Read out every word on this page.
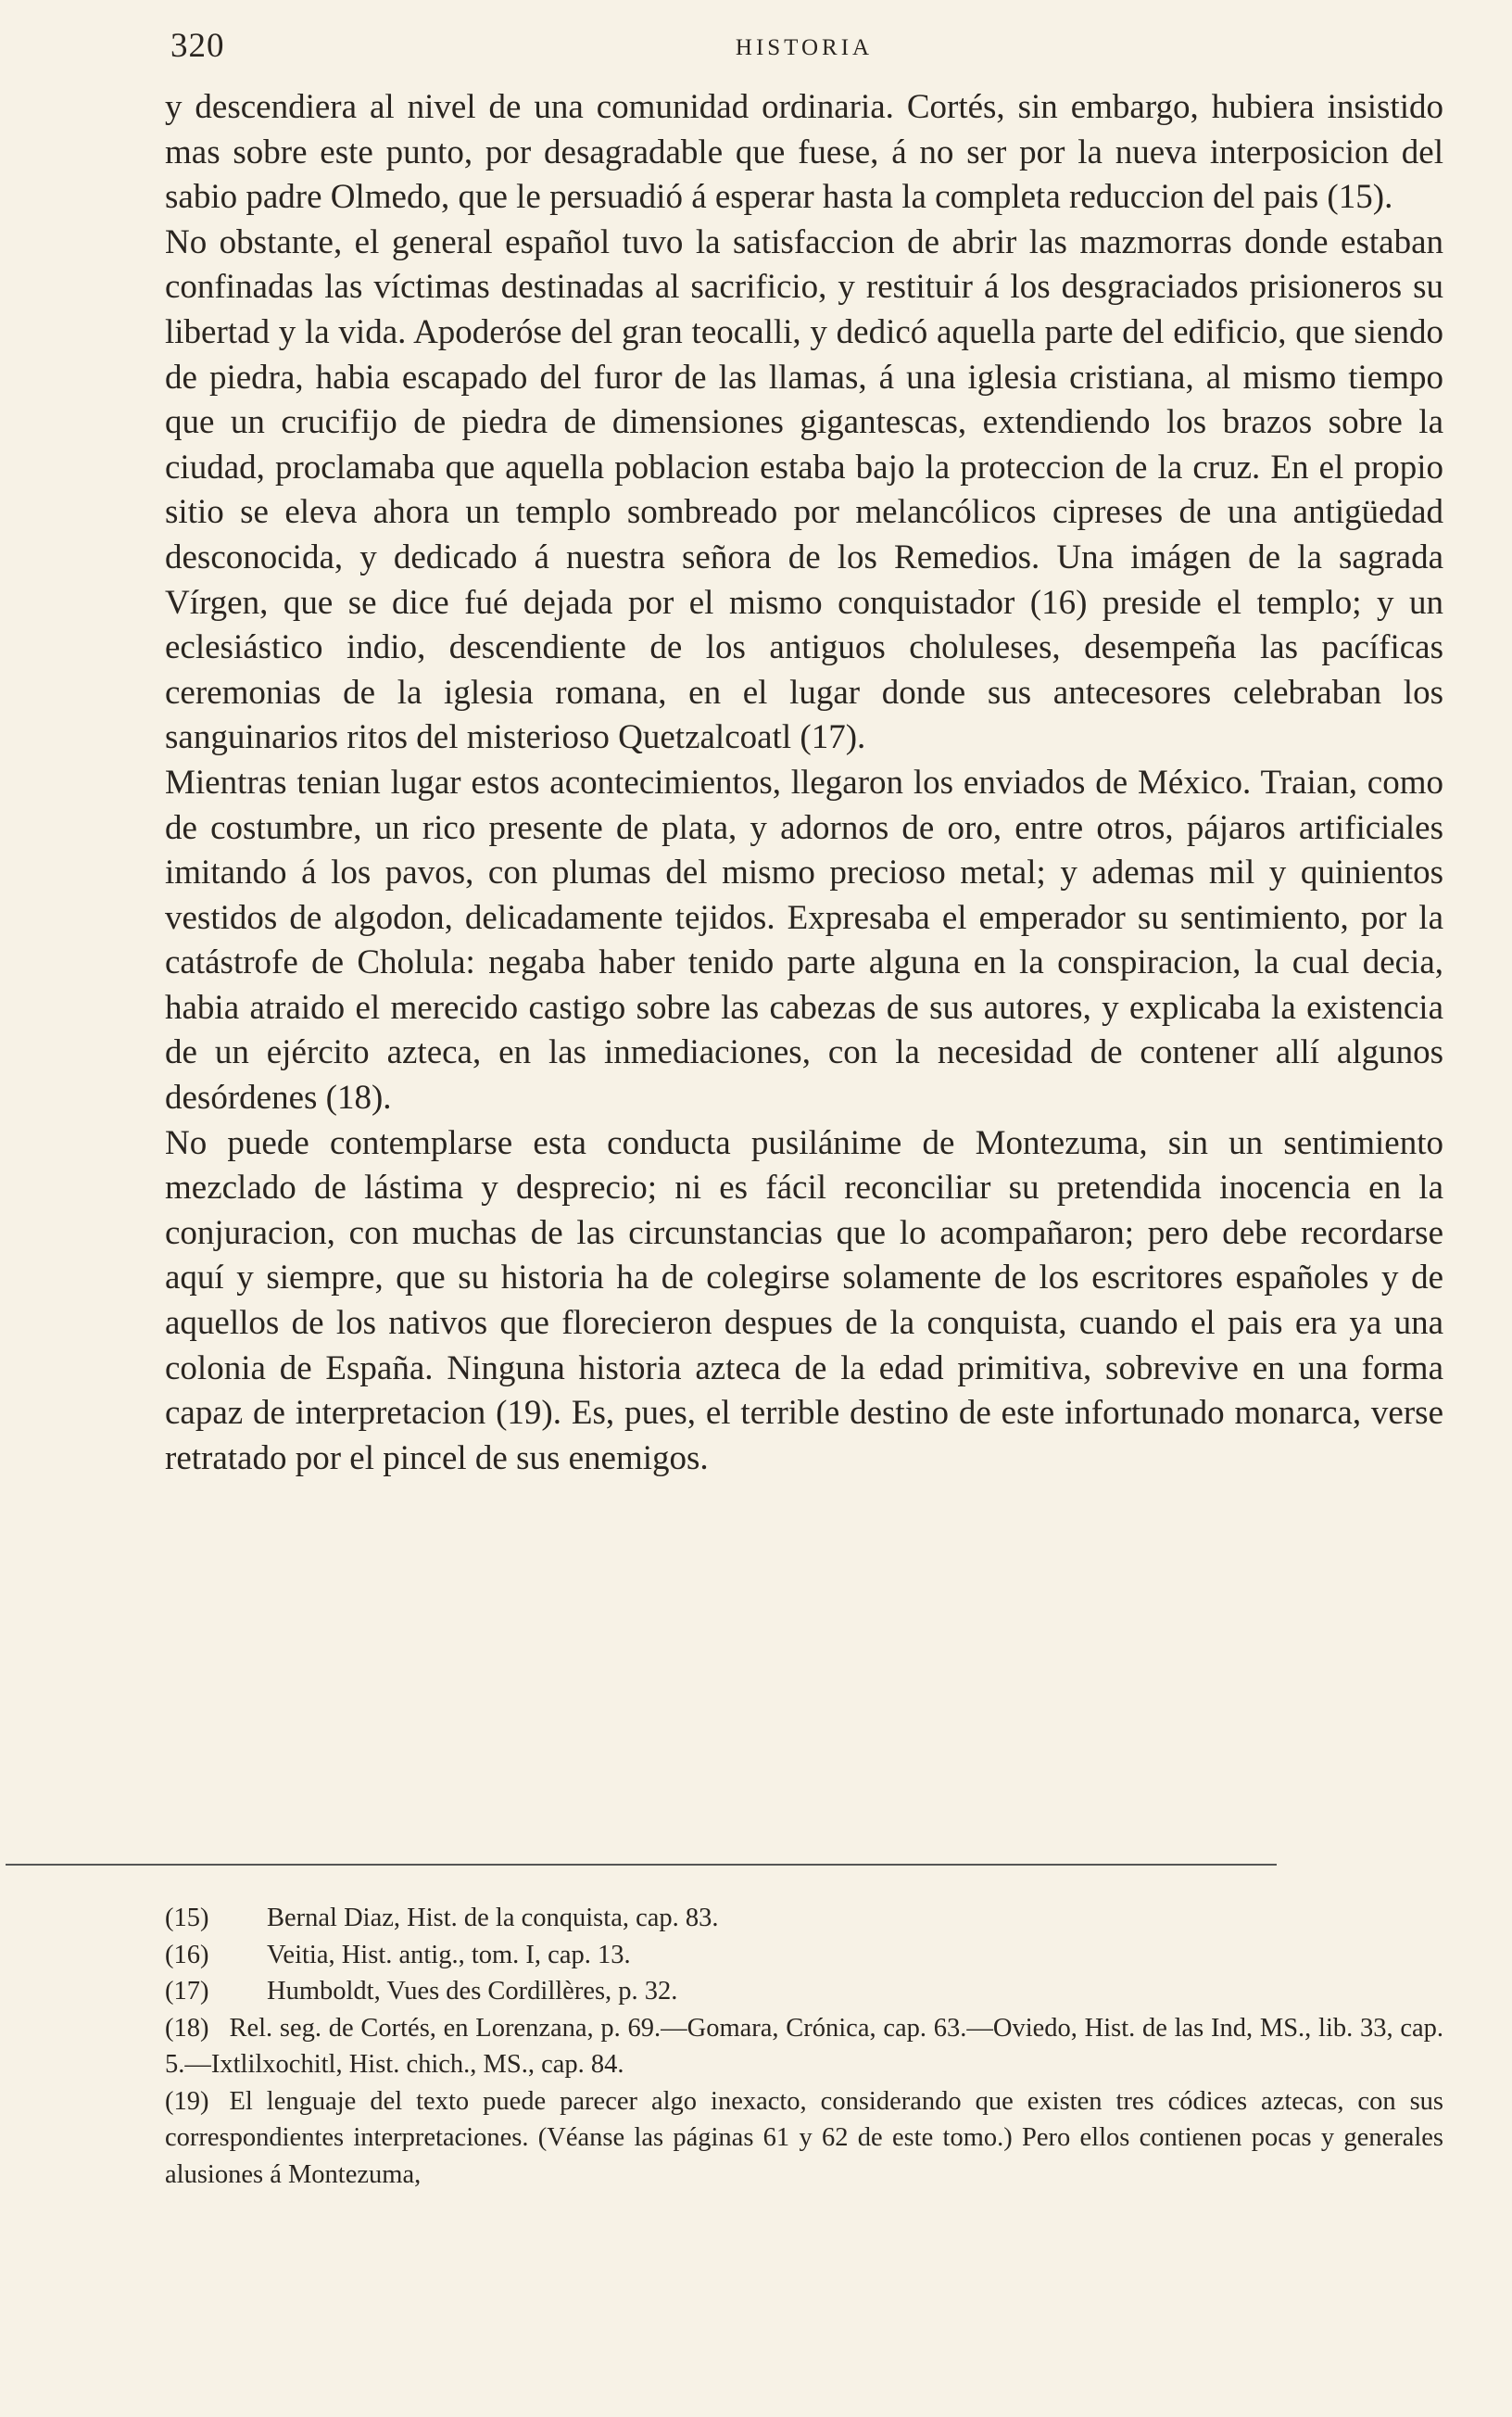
320	HISTORIA

y descendiera al nivel de una comunidad ordinaria. Cortés, sin embargo, hubiera insistido mas sobre este punto, por desagradable que fuese, á no ser por la nueva interposicion del sabio padre Olmedo, que le persuadió á esperar hasta la completa reduccion del pais (15).

No obstante, el general español tuvo la satisfaccion de abrir las mazmorras donde estaban confinadas las víctimas destinadas al sacrificio, y restituir á los desgraciados prisioneros su libertad y la vida. Apoderóse del gran teocalli, y dedicó aquella parte del edificio, que siendo de piedra, habia escapado del furor de las llamas, á una iglesia cristiana, al mismo tiempo que un crucifijo de piedra de dimensiones gigantescas, extendiendo los brazos sobre la ciudad, proclamaba que aquella poblacion estaba bajo la proteccion de la cruz. En el propio sitio se eleva ahora un templo sombreado por melancólicos cipreses de una antigüedad desconocida, y dedicado á nuestra señora de los Remedios. Una imágen de la sagrada Vírgen, que se dice fué dejada por el mismo conquistador (16) preside el templo; y un eclesiástico indio, descendiente de los antiguos choluleses, desempeña las pacíficas ceremonias de la iglesia romana, en el lugar donde sus antecesores celebraban los sanguinarios ritos del misterioso Quetzalcoatl (17).

Mientras tenian lugar estos acontecimientos, llegaron los enviados de México. Traian, como de costumbre, un rico presente de plata, y adornos de oro, entre otros, pájaros artificiales imitando á los pavos, con plumas del mismo precioso metal; y ademas mil y quinientos vestidos de algodon, delicadamente tejidos. Expresaba el emperador su sentimiento, por la catástrofe de Cholula: negaba haber tenido parte alguna en la conspiracion, la cual decia, habia atraido el merecido castigo sobre las cabezas de sus autores, y explicaba la existencia de un ejército azteca, en las inmediaciones, con la necesidad de contener allí algunos desórdenes (18).

No puede contemplarse esta conducta pusilánime de Montezuma, sin un sentimiento mezclado de lástima y desprecio; ni es fácil reconciliar su pretendida inocencia en la conjuracion, con muchas de las circunstancias que lo acompañaron; pero debe recordarse aquí y siempre, que su historia ha de colegirse solamente de los escritores españoles y de aquellos de los nativos que florecieron despues de la conquista, cuando el pais era ya una colonia de España. Ninguna historia azteca de la edad primitiva, sobrevive en una forma capaz de interpretacion (19). Es, pues, el terrible destino de este infortunado monarca, verse retratado por el pincel de sus enemigos.

(15) Bernal Diaz, Hist. de la conquista, cap. 83.

(16) Veitia, Hist. antig., tom. I, cap. 13.

(17) Humboldt, Vues des Cordillères, p. 32.

(18) Rel. seg. de Cortés, en Lorenzana, p. 69.—Gomara, Crónica, cap. 63.—Oviedo, Hist. de las Ind, MS., lib. 33, cap. 5.—Ixtlilxochitl, Hist. chich., MS., cap. 84.

(19) El lenguaje del texto puede parecer algo inexacto, considerando que existen tres códices aztecas, con sus correspondientes interpretaciones. (Véanse las páginas 61 y 62 de este tomo.) Pero ellos contienen pocas y generales alusiones á Montezuma,
